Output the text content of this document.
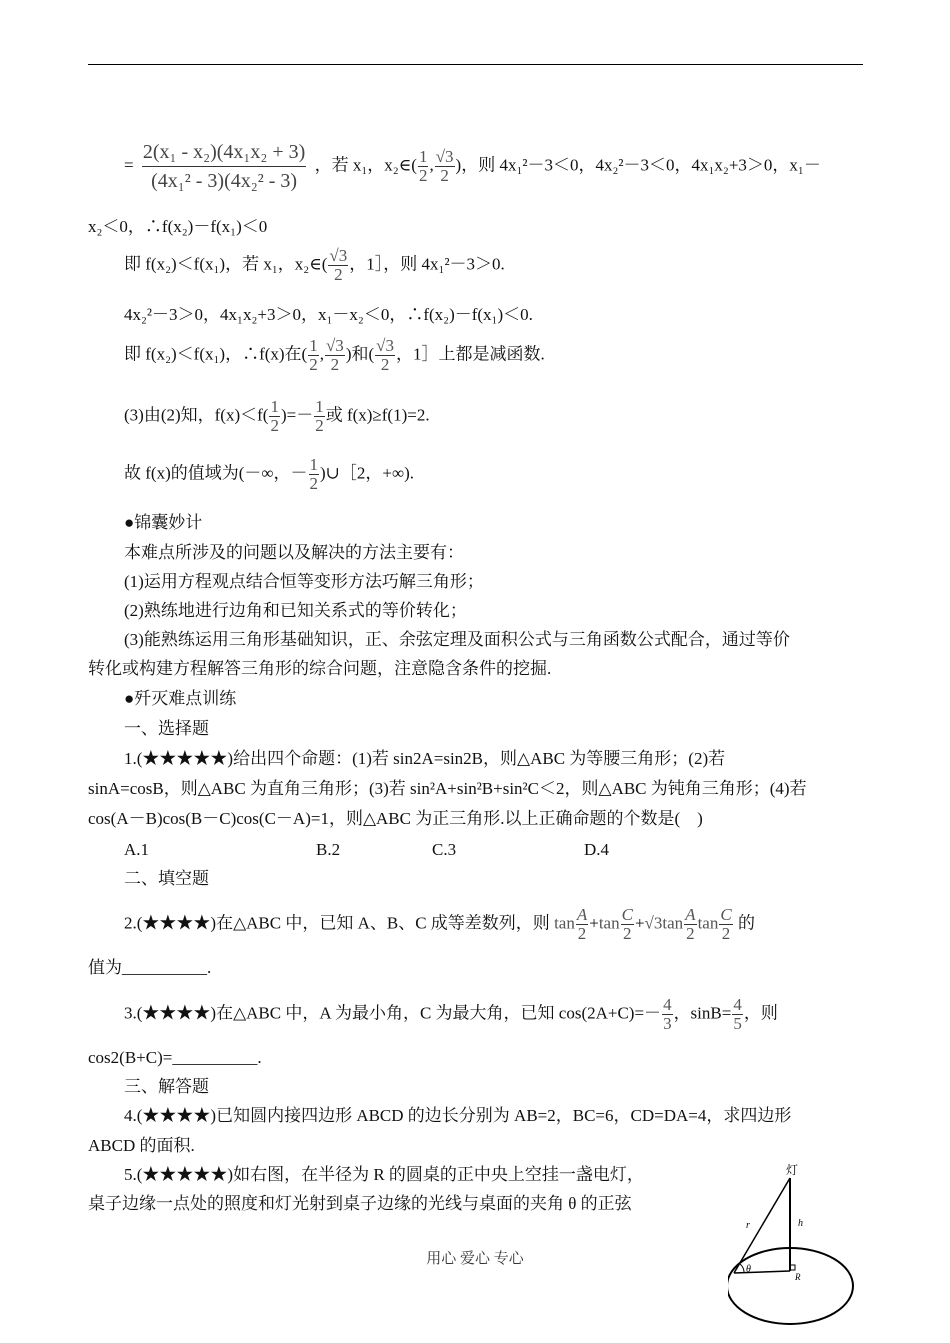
= $\frac{\text{2(x₁ - x₂)(4x₁x₂ + 3)}}{\text{(4x₁² - 3)(4x₂² - 3)}}$ ，若 x₁，x₂∈( $\frac{1}{2}$ , $\frac{√3}{2}$ )，则 4x₁²－3＜0，4x₂²－3＜0，4x₁x₂+3＞0，x₁－
x₂＜0，∴f(x₂)－f(x₁)＜0
即 f(x₂)＜f(x₁)，若 x₁，x₂∈( $\frac{√3}{2}$ ，1］，则 4x₁²－3＞0.
4x₂²－3＞0，4x₁x₂+3＞0，x₁－x₂＜0，∴f(x₂)－f(x₁)＜0.
即 f(x₂)＜f(x₁)，∴f(x)在( $\frac{1}{2}$ , $\frac{√3}{2}$ )和( $\frac{√3}{2}$ ，1］上都是减函数.
(3)由(2)知，$f(x)<f( \frac{1}{2}$ )=－ $\frac{1}{2}$ 或 f(x)≥f(1)=2.
故 f(x)的值域为(－∞，－ $\frac{1}{2}$ )∪［2，+∞).
●锦囊妙计
本难点所涉及的问题以及解决的方法主要有：
(1)运用方程观点结合恒等变形方法巧解三角形；
(2)熟练地进行边角和已知关系式的等价转化；
(3)能熟练运用三角形基础知识，正、余弦定理及面积公式与三角函数公式配合，通过等价
转化或构建方程解答三角形的综合问题，注意隐含条件的挖掘.
●歼灭难点训练
一、选择题
1.(★★★★★)给出四个命题：(1)若 sin2A=sin2B，则△ABC 为等腰三角形；(2)若
sinA=cosB，则△ABC 为直角三角形；(3)若 sin²A+sin²B+sin²C＜2，则△ABC 为钝角三角形；(4)若
cos(A－B)cos(B－C)cos(C－A)=1，则△ABC 为正三角形.以上正确命题的个数是(　)
A.1	B.2	C.3	D.4
二、填空题
2.(★★★★)在△ABC 中，已知 A、B、C 成等差数列，则 $\tan \frac{A}{2} +\tan \frac{C}{2} +√3\tan \frac{A}{2}$ $\tan \frac{C}{2}$ 的
值为__________.
3.(★★★★)在△ABC 中，A 为最小角，C 为最大角，已知 $\cos(2A+C)=- \frac{4}{3}$ ，$\sin B= \frac{4}{5}$ ，则
cos2(B+C)=__________.
三、解答题
4.(★★★★)已知圆内接四边形 ABCD 的边长分别为 AB=2，BC=6，CD=DA=4，求四边形
ABCD 的面积.
5.(★★★★★)如右图，在半径为 R 的圆桌的正中央上空挂一盏电灯，
桌子边缘一点处的照度和灯光射到桌子边缘的光线与桌面的夹角 θ 的正弦
灯
r	h
θ
R
用心 爱心 专心
